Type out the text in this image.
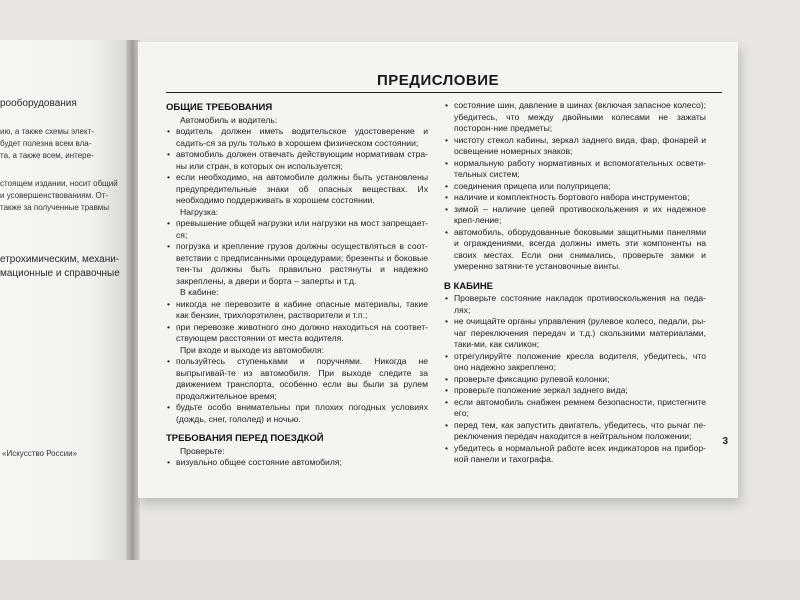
рооборудования
ию, а также схемы элект-
будет полезна всем вла-
та, а также всем, интере-
стоящем издании, носит общий
и усовершенствованиям. От-
также за полученные травмы
етрохимическим, механи-
мационные и справочные
«Искусство России»
ПРЕДИСЛОВИЕ
ОБЩИЕ ТРЕБОВАНИЯ
Автомобиль и водитель:
• водитель должен иметь водительское удостоверение и садить-ся за руль только в хорошем физическом состоянии;
• автомобиль должен отвечать действующим нормативам стра-ны или стран, в которых он используется;
• если необходимо, на автомобиле должны быть установлены предупредительные знаки об опасных веществах. Их необходимо поддерживать в хорошем состоянии.
Нагрузка:
• превышение общей нагрузки или нагрузки на мост запрещает-ся;
• погрузка и крепление грузов должны осуществляться в соот-ветствии с предписанными процедурами; брезенты и боковые тен-ты должны быть правильно растянуты и надежно закреплены, а двери и борта – заперты и т.д.
В кабине:
• никогда не перевозите в кабине опасные материалы, такие как бензин, трихлорэтилен, растворители и т.п.;
• при перевозке животного оно должно находиться на соответ-ствующем расстоянии от места водителя.
При входе и выходе из автомобиля:
• пользуйтесь ступеньками и поручнями. Никогда не выпрыгивай-те из автомобиля. При выходе следите за движением транспорта, особенно если вы были за рулем продолжительное время;
• будьте особо внимательны при плохих погодных условиях (дождь, снег, гололед) и ночью.
ТРЕБОВАНИЯ ПЕРЕД ПОЕЗДКОЙ
Проверьте:
• визуально общее состояние автомобиля;
• состояние шин, давление в шинах (включая запасное колесо); убедитесь, что между двойными колесами не зажаты посторон-ние предметы;
• чистоту стекол кабины, зеркал заднего вида, фар, фонарей и освещение номерных знаков;
• нормальную работу нормативных и вспомогательных освети-тельных систем;
• соединения прицепа или полуприцепа;
• наличие и комплектность бортового набора инструментов;
• зимой – наличие цепей противоскольжения и их надежное креп-ление;
• автомобиль, оборудованные боковыми защитными панелями и ограждениями, всегда должны иметь эти компоненты на своих местах. Если они снимались, проверьте замки и умеренно затяни-те установочные винты.
В КАБИНЕ
• Проверьте состояние накладок противоскольжения на педа-лях;
• не очищайте органы управления (рулевое колесо, педали, ры-чаг переключения передач и т.д.) скользкими материалами, таки-ми, как силикон;
• отрегулируйте положение кресла водителя, убедитесь, что оно надежно закреплено;
• проверьте фиксацию рулевой колонки;
• проверьте положение зеркал заднего вида;
• если автомобиль снабжен ремнем безопасности, пристегните его;
• перед тем, как запустить двигатель, убедитесь, что рычаг пе-реключения передач находится в нейтральном положении;
• убедитесь в нормальной работе всех индикаторов на прибор-ной панели и тахографа.
3
